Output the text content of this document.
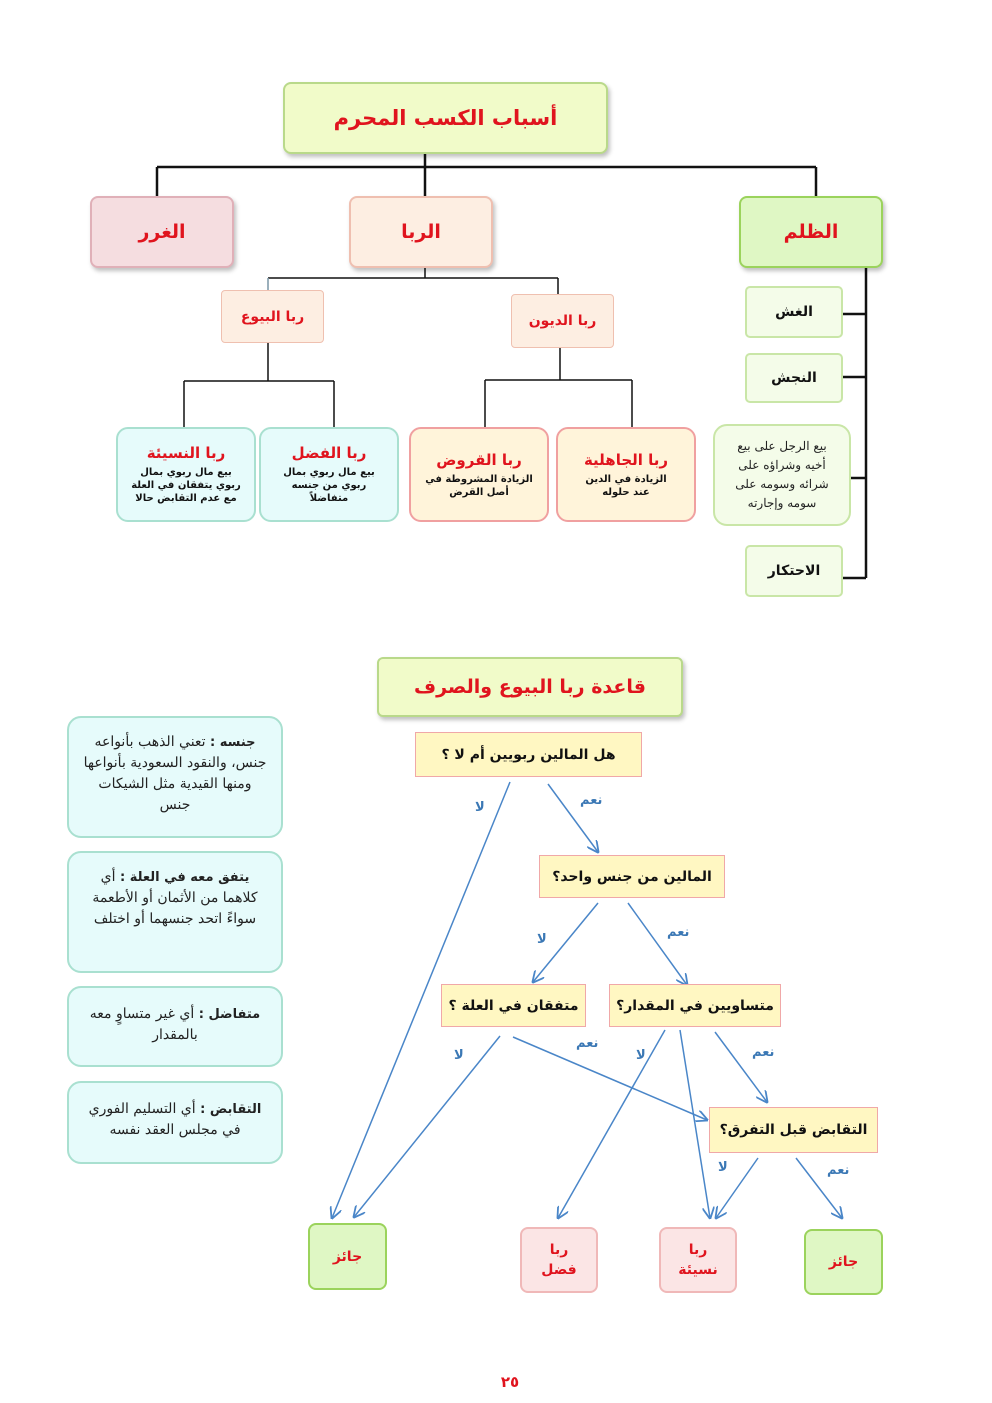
أسباب الكسب المحرم
الظلم
الربا
الغرر
ربا الديون
ربا البيوع
ربا الجاهلية
الزيادة في الدين عند حلوله
ربا القروض
الزيادة المشروطة في أصل القرض
ربا الفضل
بيع مال ربوي بمال ربوي من جنسه متفاضلاً
ربا النسيئة
بيع مال ربوي بمال ربوي يتفقان في العلة مع عدم التقابض حالا
الغش
النجش
بيع الرجل على بيع أخيه وشراؤه على شرائه وسومه على سومه وإجارته
الاحتكار
قاعدة ربا البيوع والصرف
هل المالين ربويين أم لا ؟
المالين من جنس واحد؟
متساويين في المقدار؟
متفقان في العلة ؟
التقابض قبل التفرق؟
لا	نعم
لا	نعم
لا
نعم
لا	نعم
لا	نعم
جائز	ربا فضل
ربا نسيئة	جائز
جنسه : تعني الذهب بأنواعه جنس، والنقود السعودية بأنواعها ومنها القيدية مثل الشيكات جنس
يتفق معه في العلة : أي كلاهما من الأثمان أو الأطعمة سواءً اتحد جنسهما أو اختلف
متفاضل : أي غير متساوٍ معه بالمقدار
التقابض : أي التسليم الفوري في مجلس العقد نفسه
٢٥
